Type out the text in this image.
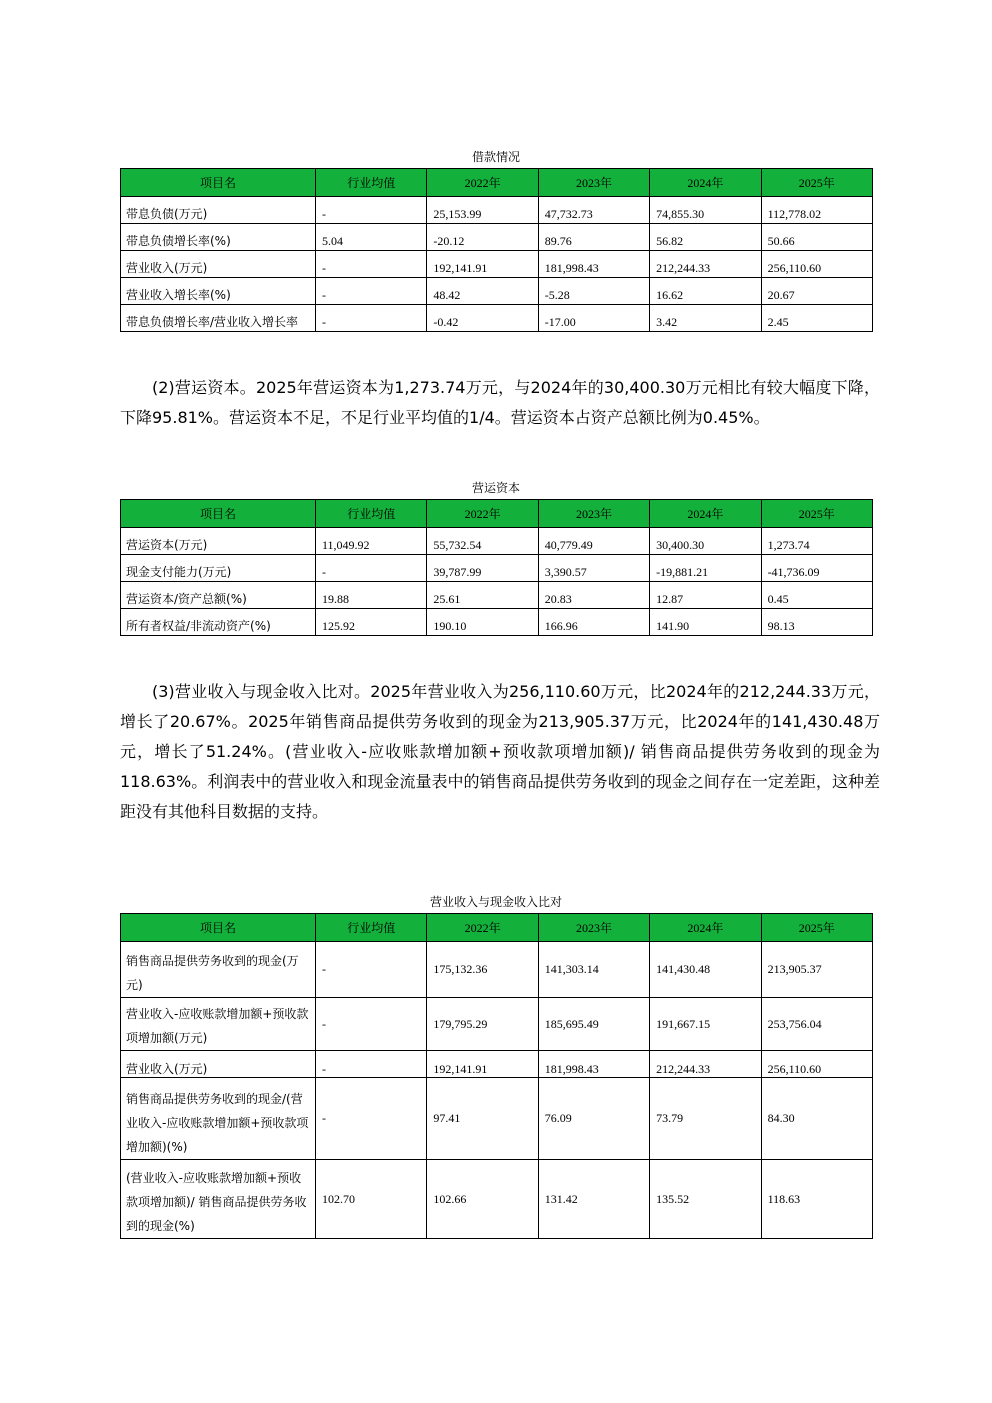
借款情况
项目名	行业均值	2022年	2023年	2024年	2025年
带息负债(万元)	-	25,153.99	47,732.73	74,855.30	112,778.02
带息负债增长率(%)	5.04	-20.12	89.76	56.82	50.66
营业收入(万元)	-	192,141.91	181,998.43	212,244.33	256,110.60
营业收入增长率(%)	-	48.42	-5.28	16.62	20.67
带息负债增长率/营业收入增长率	-	-0.42	-17.00	3.42	2.45

(2)营运资本。2025年营运资本为1,273.74万元，与2024年的30,400.30万元相比有较大幅度下降，下降95.81%。营运资本不足，不足行业平均值的1/4。营运资本占资产总额比例为0.45%。

营运资本
项目名	行业均值	2022年	2023年	2024年	2025年
营运资本(万元)	11,049.92	55,732.54	40,779.49	30,400.30	1,273.74
现金支付能力(万元)	-	39,787.99	3,390.57	-19,881.21	-41,736.09
营运资本/资产总额(%)	19.88	25.61	20.83	12.87	0.45
所有者权益/非流动资产(%)	125.92	190.10	166.96	141.90	98.13

(3)营业收入与现金收入比对。2025年营业收入为256,110.60万元，比2024年的212,244.33万元，增长了20.67%。2025年销售商品提供劳务收到的现金为213,905.37万元，比2024年的141,430.48万元，增长了51.24%。(营业收入-应收账款增加额+预收款项增加额)/ 销售商品提供劳务收到的现金为118.63%。利润表中的营业收入和现金流量表中的销售商品提供劳务收到的现金之间存在一定差距，这种差距没有其他科目数据的支持。

营业收入与现金收入比对
项目名	行业均值	2022年	2023年	2024年	2025年
销售商品提供劳务收到的现金(万元)	-	175,132.36	141,303.14	141,430.48	213,905.37
营业收入-应收账款增加额+预收款项增加额(万元)	-	179,795.29	185,695.49	191,667.15	253,756.04
营业收入(万元)	-	192,141.91	181,998.43	212,244.33	256,110.60
销售商品提供劳务收到的现金/(营业收入-应收账款增加额+预收款项增加额)(%)	-	97.41	76.09	73.79	84.30
(营业收入-应收账款增加额+预收款项增加额)/ 销售商品提供劳务收到的现金(%)	102.70	102.66	131.42	135.52	118.63
